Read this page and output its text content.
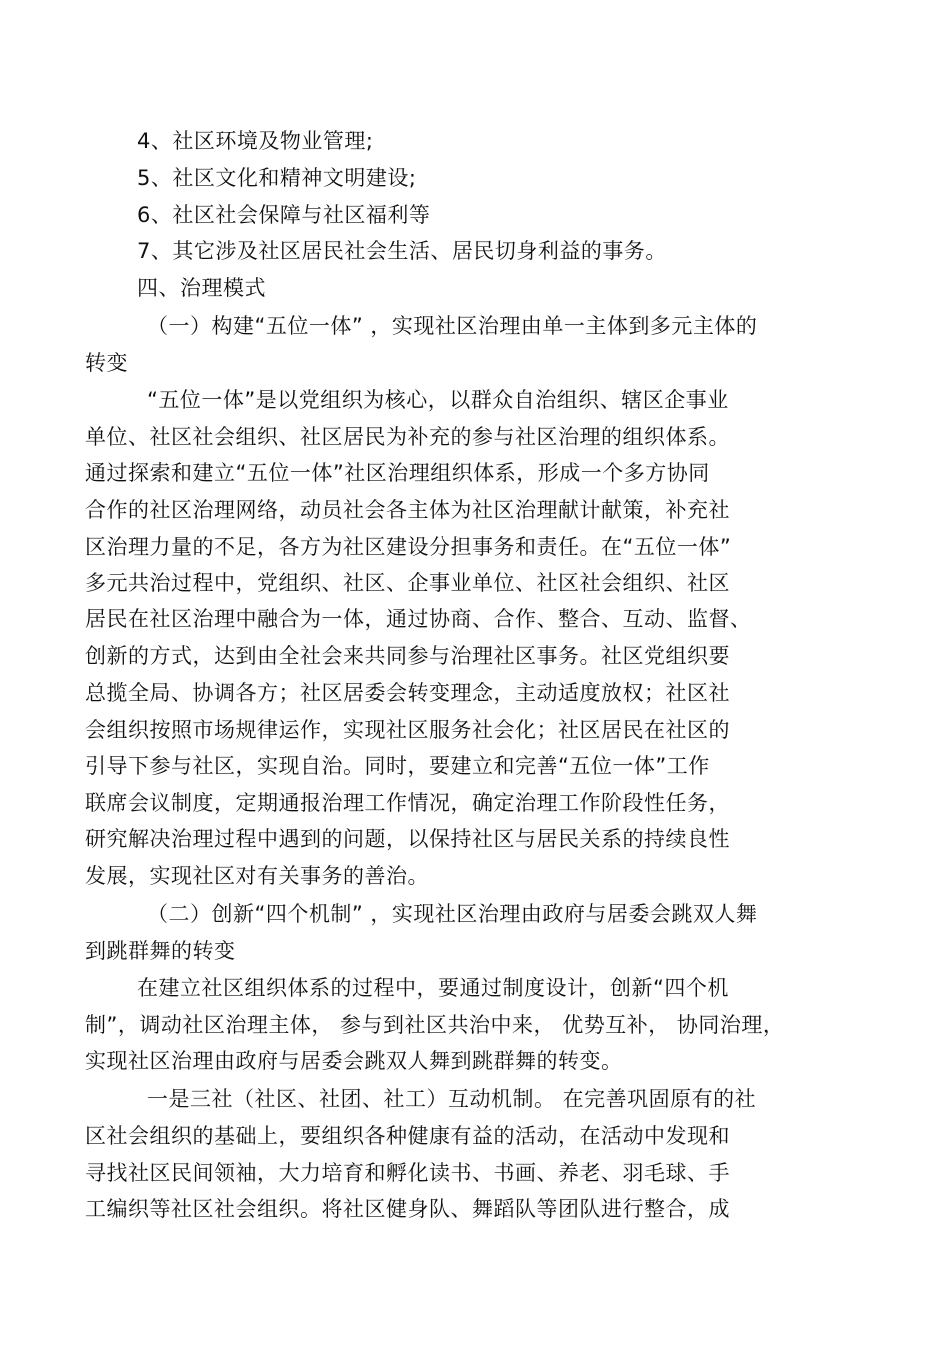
4、社区环境及物业管理;
5、社区文化和精神文明建设;
6、社区社会保障与社区福利等
7、其它涉及社区居民社会生活、居民切身利益的事务。
四、治理模式
（一）构建“五位一体” ，实现社区治理由单一主体到多元主体的
转变
“五位一体”是以党组织为核心，以群众自治组织、辖区企事业
单位、社区社会组织、社区居民为补充的参与社区治理的组织体系。
通过探索和建立“五位一体”社区治理组织体系，形成一个多方协同
合作的社区治理网络，动员社会各主体为社区治理献计献策，补充社
区治理力量的不足，各方为社区建设分担事务和责任。在“五位一体”
多元共治过程中，党组织、社区、企事业单位、社区社会组织、社区
居民在社区治理中融合为一体，通过协商、合作、整合、互动、监督、
创新的方式，达到由全社会来共同参与治理社区事务。社区党组织要
总揽全局、协调各方；社区居委会转变理念，主动适度放权；社区社
会组织按照市场规律运作，实现社区服务社会化；社区居民在社区的
引导下参与社区，实现自治。同时，要建立和完善“五位一体”工作
联席会议制度，定期通报治理工作情况，确定治理工作阶段性任务，
研究解决治理过程中遇到的问题，以保持社区与居民关系的持续良性
发展，实现社区对有关事务的善治。
（二）创新“四个机制” ，实现社区治理由政府与居委会跳双人舞
到跳群舞的转变
在建立社区组织体系的过程中，要通过制度设计，创新“四个机
制”，调动社区治理主体， 参与到社区共治中来， 优势互补， 协同治理，
实现社区治理由政府与居委会跳双人舞到跳群舞的转变。
一是三社（社区、社团、社工）互动机制。 在完善巩固原有的社
区社会组织的基础上，要组织各种健康有益的活动，在活动中发现和
寻找社区民间领袖，大力培育和孵化读书、书画、养老、羽毛球、手
工编织等社区社会组织。将社区健身队、舞蹈队等团队进行整合，成
